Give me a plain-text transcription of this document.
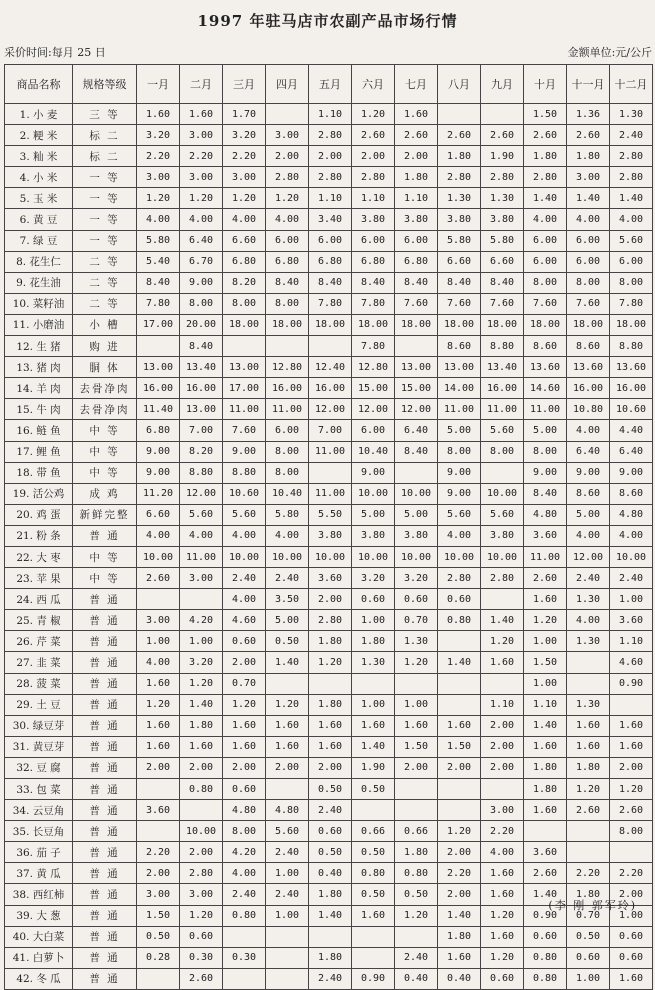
1997 年驻马店市农副产品市场行情
采价时间:每月 25 日	金额单位:元/公斤
商品名称	规格等级	一月	二月	三月	四月	五月	六月	七月	八月	九月	十月	十一月	十二月
1. 小 麦	三 等	1.60	1.60	1.70		1.10	1.20	1.60			1.50	1.36	1.30
2. 粳 米	标 二	3.20	3.00	3.20	3.00	2.80	2.60	2.60	2.60	2.60	2.60	2.60	2.40
3. 籼 米	标 二	2.20	2.20	2.20	2.00	2.00	2.00	2.00	1.80	1.90	1.80	1.80	2.80
4. 小 米	一 等	3.00	3.00	3.00	2.80	2.80	2.80	1.80	2.80	2.80	2.80	3.00	2.80
5. 玉 米	一 等	1.20	1.20	1.20	1.20	1.10	1.10	1.10	1.30	1.30	1.40	1.40	1.40
6. 黄 豆	一 等	4.00	4.00	4.00	4.00	3.40	3.80	3.80	3.80	3.80	4.00	4.00	4.00
7. 绿 豆	一 等	5.80	6.40	6.60	6.00	6.00	6.00	6.00	5.80	5.80	6.00	6.00	5.60
8. 花生仁	二 等	5.40	6.70	6.80	6.80	6.80	6.80	6.80	6.60	6.60	6.00	6.00	6.00
9. 花生油	二 等	8.40	9.00	8.20	8.40	8.40	8.40	8.40	8.40	8.40	8.00	8.00	8.00
10. 菜籽油	二 等	7.80	8.00	8.00	8.00	7.80	7.80	7.60	7.60	7.60	7.60	7.60	7.80
11. 小磨油	小 槽	17.00	20.00	18.00	18.00	18.00	18.00	18.00	18.00	18.00	18.00	18.00	18.00
12. 生 猪	购 进		8.40				7.80		8.60	8.80	8.60	8.60	8.80
13. 猪 肉	胴 体	13.00	13.40	13.00	12.80	12.40	12.80	13.00	13.00	13.40	13.60	13.60	13.60
14. 羊 肉	去骨净肉	16.00	16.00	17.00	16.00	16.00	15.00	15.00	14.00	16.00	14.60	16.00	16.00
15. 牛 肉	去骨净肉	11.40	13.00	11.00	11.00	12.00	12.00	12.00	11.00	11.00	11.00	10.80	10.60
16. 鲢 鱼	中 等	6.80	7.00	7.60	6.00	7.00	6.00	6.40	5.00	5.60	5.00	4.00	4.40
17. 鲤 鱼	中 等	9.00	8.20	9.00	8.00	11.00	10.40	8.40	8.00	8.00	8.00	6.40	6.40
18. 带 鱼	中 等	9.00	8.80	8.80	8.00		9.00		9.00		9.00	9.00	9.00
19. 活公鸡	成 鸡	11.20	12.00	10.60	10.40	11.00	10.00	10.00	9.00	10.00	8.40	8.60	8.60
20. 鸡 蛋	新鲜完整	6.60	5.60	5.60	5.80	5.50	5.00	5.00	5.60	5.60	4.80	5.00	4.80
21. 粉 条	普 通	4.00	4.00	4.00	4.00	3.80	3.80	3.80	4.00	3.80	3.60	4.00	4.00
22. 大 枣	中 等	10.00	11.00	10.00	10.00	10.00	10.00	10.00	10.00	10.00	11.00	12.00	10.00
23. 苹 果	中 等	2.60	3.00	2.40	2.40	3.60	3.20	3.20	2.80	2.80	2.60	2.40	2.40
24. 西 瓜	普 通			4.00	3.50	2.00	0.60	0.60	0.60		1.60	1.30	1.00
25. 青 椒	普 通	3.00	4.20	4.60	5.00	2.80	1.00	0.70	0.80	1.40	1.20	4.00	3.60
26. 芹 菜	普 通	1.00	1.00	0.60	0.50	1.80	1.80	1.30		1.20	1.00	1.30	1.10
27. 韭 菜	普 通	4.00	3.20	2.00	1.40	1.20	1.30	1.20	1.40	1.60	1.50		4.60
28. 菠 菜	普 通	1.60	1.20	0.70							1.00		0.90
29. 土 豆	普 通	1.20	1.40	1.20	1.20	1.80	1.00	1.00		1.10	1.10	1.30	
30. 绿豆芽	普 通	1.60	1.80	1.60	1.60	1.60	1.60	1.60	1.60	2.00	1.40	1.60	1.60
31. 黄豆芽	普 通	1.60	1.60	1.60	1.60	1.60	1.40	1.50	1.50	2.00	1.60	1.60	1.60
32. 豆 腐	普 通	2.00	2.00	2.00	2.00	2.00	1.90	2.00	2.00	2.00	1.80	1.80	2.00
33. 包 菜	普 通		0.80	0.60		0.50	0.50				1.80	1.20	1.20
34. 云豆角	普 通	3.60		4.80	4.80	2.40				3.00	1.60	2.60	2.60
35. 长豆角	普 通		10.00	8.00	5.60	0.60	0.66	0.66	1.20	2.20			8.00
36. 茄 子	普 通	2.20	2.00	4.20	2.40	0.50	0.50	1.80	2.00	4.00	3.60		
37. 黄 瓜	普 通	2.00	2.80	4.00	1.00	0.40	0.80	0.80	2.20	1.60	2.60	2.20	2.20
38. 西红柿	普 通	3.00	3.00	2.40	2.40	1.80	0.50	0.50	2.00	1.60	1.40	1.80	2.00
39. 大 葱	普 通	1.50	1.20	0.80	1.00	1.40	1.60	1.20	1.40	1.20	0.90	0.70	1.00
40. 大白菜	普 通	0.50	0.60						1.80	1.60	0.60	0.50	0.60
41. 白萝卜	普 通	0.28	0.30	0.30		1.80		2.40	1.60	1.20	0.80	0.60	0.60
42. 冬 瓜	普 通		2.60			2.40	0.90	0.40	0.40	0.60	0.80	1.00	1.60
(李 刚 郭军玲)
